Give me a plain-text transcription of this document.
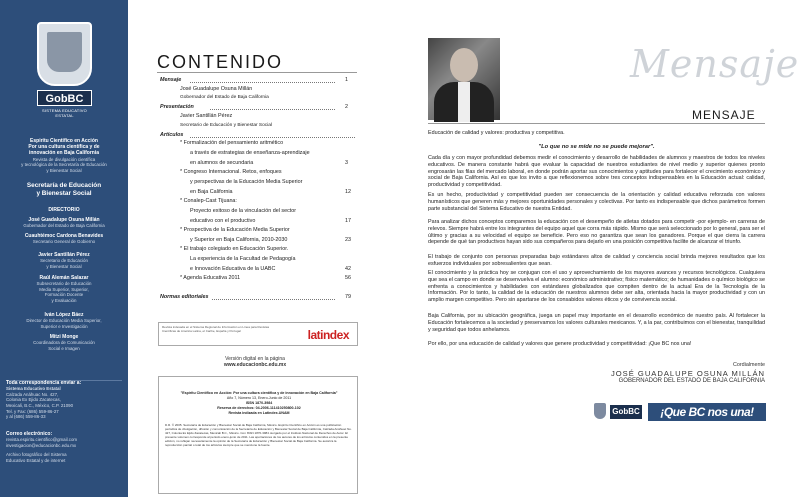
GobBC
SISTEMA EDUCATIVO ESTATAL
Espiritu Cientifico en Acción
Por una cultura científica y de
innovación en Baja California
Revista de divulgación científica
y tecnológica de la Secretaría de Educación
y Bienestar Social
Secretaría de Educación
y Bienestar Social
DIRECTORIO
José Guadalupe Osuna Millán
Gobernador del Estado de Baja California
Cuauhtémoc Cardona Benavides
Secretario General de Gobierno
Javier Santillán Pérez
Secretario de Educación
y Bienestar Social
Raúl Alemán Salazar
Subsecretario de Educación
Media Superior, Superior,
Formación Docente
y Evaluación
Iván López Báez
Director de Educación Media Superior,
Superior e Investigación
Mitzi Monge
Coordinadora de Comunicación
Social e Imagen
Toda correspondencia enviar a:
Sistema Educativo Estatal
Calzada Anáhuac No. 427,
Colonia Ex Ejido Zacatecas,
Mexicali, B.C., México, C.P. 21090
Tel. y Fax: (686) 559-86-27
y al (686) 559-86-33
Correo electrónico:
revista.espiritu.cientifico@gmail.com
investigacion@educacionbc.edu.mx
Archivo fotográfico del Sistema
Educativo Estatal y de internet
CONTENIDO
Mensaje	1
José Guadalupe Osuna Millán
Gobernador del Estado de Baja California
Presentación	2
Javier Santillán Pérez
Secretario de Educación y Bienestar Social
Artículos
* Formalización del pensamiento aritmético
a través de estrategias de enseñanza-aprendizaje
en alumnos de secundaria	3
* Congreso Internacional. Retos, enfoques
y perspectivas de la Educación Media Superior
en Baja California	12
* Conalep-Cast Tijuana:
Proyecto exitoso de la vinculación del sector
educativo con el productivo	17
* Prospectiva de la Educación Media Superior
y Superior en Baja California, 2010-2030	23
* El trabajo colegiado en Educación Superior.
La experiencia de la Facultad de Pedagogía
e Innovación Educativa de la UABC	42
* Agenda Educativa 2011	56
Normas editoriales	79
Revista indexada en el Sistema Regional de Información en Línea para Revistas Científicas de América Latina, el Caribe, España y Portugal	latindex
Versión digital en la página
www.educacionbc.edu.mx
"Espíritu Científico en Acción: Por una cultura científica y de innovación en Baja California"
Año 7, Número 13, Enero-Junio de 2011
ISSN 1870-3984
Reserva de derechos: 04-2006-111410250800-102
Revista indizada en Latindex-UNAM
D.R. © 2005. Secretaría de Educación y Bienestar Social de Baja California, México. Espíritu Científico en Acción es una publicación periódica de divulgación, difusión y comunicación de la Secretaría de Educación y Bienestar Social de Baja California, Calzada Anáhuac No. 427, Colonia Ex Ejido Zacatecas, Mexicali B.C., México. Con ISSN 1870-3984 otorgado por el Instituto Nacional de Derechos de Autor. El presente volumen corresponde al periodo enero-junio de 2011. Las aportaciones de los autores de los artículos contenidos en la presente edición, no reflejan necesariamente la opinión de la Secretaría de Educación y Bienestar Social de Baja California. Se autoriza la reproducción parcial o total de los artículos siempre que se mencione la fuente.
Mensaje
MENSAJE
Educación de calidad y valores: productiva y competitiva.
"Lo que no se mide no se puede mejorar".
Cada día y con mayor profundidad debemos medir el conocimiento y desarrollo de habilidades de alumnos y maestros de todos los niveles educativos. De manera constante habrá que evaluar la capacidad de nuestros estudiantes de nivel medio y superior quienes pronto engrosarán las filas del mercado laboral, en donde podrán aportar sus conocimientos y aptitudes para fortalecer el crecimiento económico y social de Baja California. Así es que los invito a que reflexionemos sobre tres conceptos indispensables en la Educación actual: calidad, productividad y competitividad.
Es un hecho, productividad y competitividad pueden ser consecuencia de la orientación y calidad educativa reforzada con valores humanísticos que generen más y mejores oportunidades personales y colectivas. Por tanto es indispensable que dichos parámetros formen parte substancial del Sistema Educativo de nuestra Entidad.
Para analizar dichos conceptos comparemos la educación con el desempeño de atletas dotados para competir -por ejemplo- en carreras de relevos. Siempre habrá entre los integrantes del equipo aquel que corra más rápido. Mismo que será seleccionado por lo general, para ser el último y gracias a su velocidad el equipo se beneficie. Pero eso no garantiza que sean los ganadores. Porque el que cierra la carrera depende de qué tan productivos hayan sido sus compañeros para dejarlo en una posición competitiva facilite de alcanzar el triunfo.
El trabajo de conjunto con personas preparadas bajo estándares altos de calidad y conciencia social brinda mejores resultados que los esfuerzos individuales por sobresalientes que sean.
El conocimiento y la práctica hoy se conjugan con el uso y aprovechamiento de los mayores avances y recursos tecnológicos. Cualquiera que sea el campo en donde se desenvuelva el alumno: económico administrativo; físico matemático; de humanidades o químico biológico se enfrenta a conocimientos y habilidades con estándares globalizados que compiten dentro de la actual Era de la Tecnología de la Información. Por lo tanto, la calidad de la educación de nuestros alumnos debe ser alta, orientada hacia la mayor productividad y con un amplio margen competitivo. Pero sin apartarse de los consabidos valores éticos y de convivencia social.
Baja California, por su ubicación geográfica, juega un papel muy importante en el desarrollo económico de nuestro país. Al fortalecer la Educación fortalecemos a la sociedad y preservamos los valores culturales mexicanos. Y, a la par, contribuimos con el bienestar, tranquilidad y seguridad que todos anhelamos.
Por ello, por una educación de calidad y valores que genere productividad y competitividad: ¡Que BC nos una!
Cordialmente
JOSÉ GUADALUPE OSUNA MILLÁN
GOBERNADOR DEL ESTADO DE BAJA CALIFORNIA
GobBC	¡Que BC nos una!
